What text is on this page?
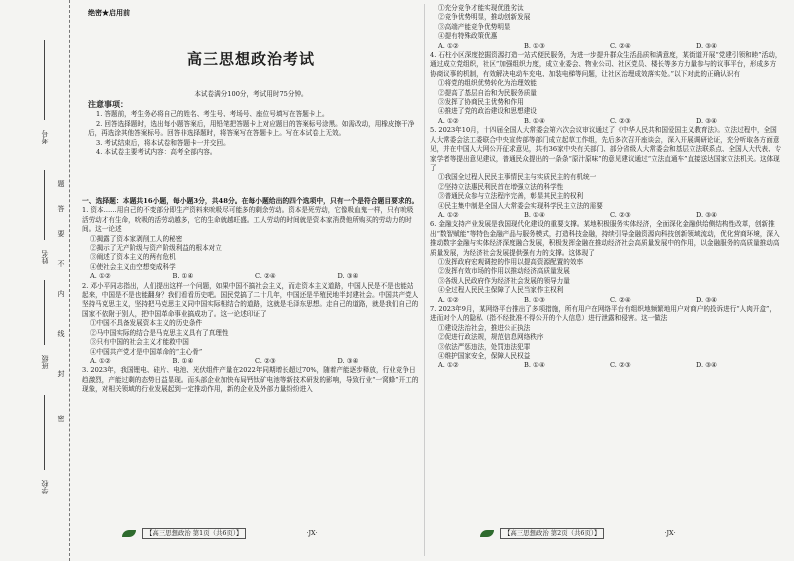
考号
姓名
班级
学校
密
封
线
内
不
要
答
题
绝密★启用前
高三思想政治考试
本试卷满分100分，考试用时75分钟。
注意事项：

1. 答题前，考生务必将自己的姓名、考生号、考场号、座位号填写在答题卡上。

2. 回答选择题时，选出每小题答案后，用铅笔把答题卡上对应题目的答案标号涂黑。如需改动，用橡皮擦干净后，再选涂其他答案标号。回答非选择题时，将答案写在答题卡上。写在本试卷上无效。

3. 考试结束后，将本试卷和答题卡一并交回。

4. 本试卷主要考试内容：高考全部内容。

一、选择题：本题共16小题，每小题3分，共48分。在每小题给出的四个选项中，只有一个是符合题目要求的。

1. 资本……用自己的不变部分即生产资料来吮吸尽可能多的剩余劳动。资本是死劳动，它像吸血鬼一样，只有吮吸活劳动才有生命，吮吸的活劳动越多，它的生命就越旺盛。工人劳动的时间就是资本家消费他所购买的劳动力的时间。这一论述

①揭露了资本家剥削工人的秘密

②揭示了无产阶级与资产阶级利益的根本对立

③阐述了资本主义的两有危机

④使社会主义由空想变成科学

A. ①②	B. ①④	C. ②④	D. ③④

2. 邓小平同志指出，人们提出这样一个问题，如果中国不搞社会主义，而走资本主义道路，中国人民是不是也能站起来，中国是不是也能翻身？我们看看历史吧。国民党搞了二十几年，中国还是半殖民地半封建社会。中国共产党人坚持马克思主义，坚持把马克思主义同中国实际相结合的道路，这就是毛泽东思想。走自己的道路，就是我们自己的国家不依附于别人，把中国革命事业搞成功了。这一论述印证了

①中国不具备发展资本主义的历史条件

②马中国实际的结合是马克思主义具有了真理性

③只有中国的社会主义才能救中国

④中国共产党才是中国革命的“主心骨”

A. ①②	B. ①④	C. ②③	D. ③④

3. 2023年，我国锂电、硅片、电池、光伏组件产量在2022年同期增长超过70%，随着产能逐步释放，行业竞争日趋激烈，产能过剩的态势日益显现。而头部企业加快布局钙钛矿电池等新技术研发的影响，导致行业“一窝蜂”开工的现象，对相关领域的行业发展起到一定推动作用，新的企业及外部力量纷纷进入

【高三思想政治 第1页（共6页）】	·JX·

①充分竞争才能实现优胜劣汰

②竞争优势明显，推动创新发展

③高端产能竞争优势明显

④提有特殊政策优惠

A. ①②	B. ①③	C. ②④	D. ③④

4. 石柱小区深度挖掘资源打造一站式便民服务，为进一步提升群众生活品质和满意度，某街道开展“党建引领和睦”活动，通过成立党组织，社区“加强组织力度，成立业委会、物业公司、社区党员、楼长等多方力量参与的议事平台，形成多方协商议事的机制，有效解决电动车充电、加装电梯等问题，让社区治理成效落实处。”以下对此的正确认识有

①将党的组织优势转化为治理效能

②提高了基层自治和为民服务质量

③发挥了协商民主优势和作用

④推进了党的政治建设和思想建设

A. ①②	B. ①④	C. ②③	D. ③④

5. 2023年10月，十四届全国人大常委会第六次会议审议通过了《中华人民共和国爱国主义教育法》。立法过程中，全国人大常委会法工委联合中央宣传部等部门成立起草工作组，先后多次召开座谈会，深入开展调研论证，充分听取各方面意见，并在中国人大网公开征求意见，共有36家中央有关部门、部分省级人大常委会和基层立法联系点、全国人大代表、专家学者等提出意见建议，普通民众提出的一条条“原汁原味”的意见建议通过“立法直通车”直接送达国家立法机关。这体现了

①我国全过程人民民主事情民主与实质民主的有机统一

②坚持立法惠民利民首在增强立法的科学性

③普通民众参与立法程序完善，彰显其民主的权利

④民主集中制是全国人大常委会实现科学民主立法的需要

A. ①②	B. ①④	C. ②③	D. ③④

6. 金融支持产业发展是我国现代化建设的重要支撑。某地积极服务实体经济，全面深化金融供给侧结构性改革，创新推出“数智赋能”等特色金融产品与服务模式，打造科技金融，持续引导金融资源向科技创新领域流动，优化营商环境，深入推动数字金融与实体经济深度融合发展，积极发挥金融在推动经济社会高质量发展中的作用，以金融服务的高质量推动高质量发展，为经济社会发展提供强有力的支撑。这体现了

①发挥政府宏观调控的作用以提高资源配置的效率

②发挥有效市场的作用以推动经济高质量发展

③各级人民政府作为经济社会发展的领导力量

④全过程人民民主保障了人民当家作主权利

A. ①②	B. ①③	C. ②④	D. ③④

7. 2023年9月，某网络平台推出了多项措施，所有用户在网络平台有组织地频繁地用户对商户的投诉进行“人肉开盒”，进而对个人的隐私（指不经批准不得公开的个人信息）进行泄露和侵害。这一做法

①建设法治社会，推进公正执法

②促进行政法规，规范信息网络秩序

③依法严惩违法，处罚违法犯罪

④维护国家安全，保障人民权益

A. ①②	B. ①④	C. ②③	D. ③④
【高三思想政治 第2页（共6页）】	·JX·
